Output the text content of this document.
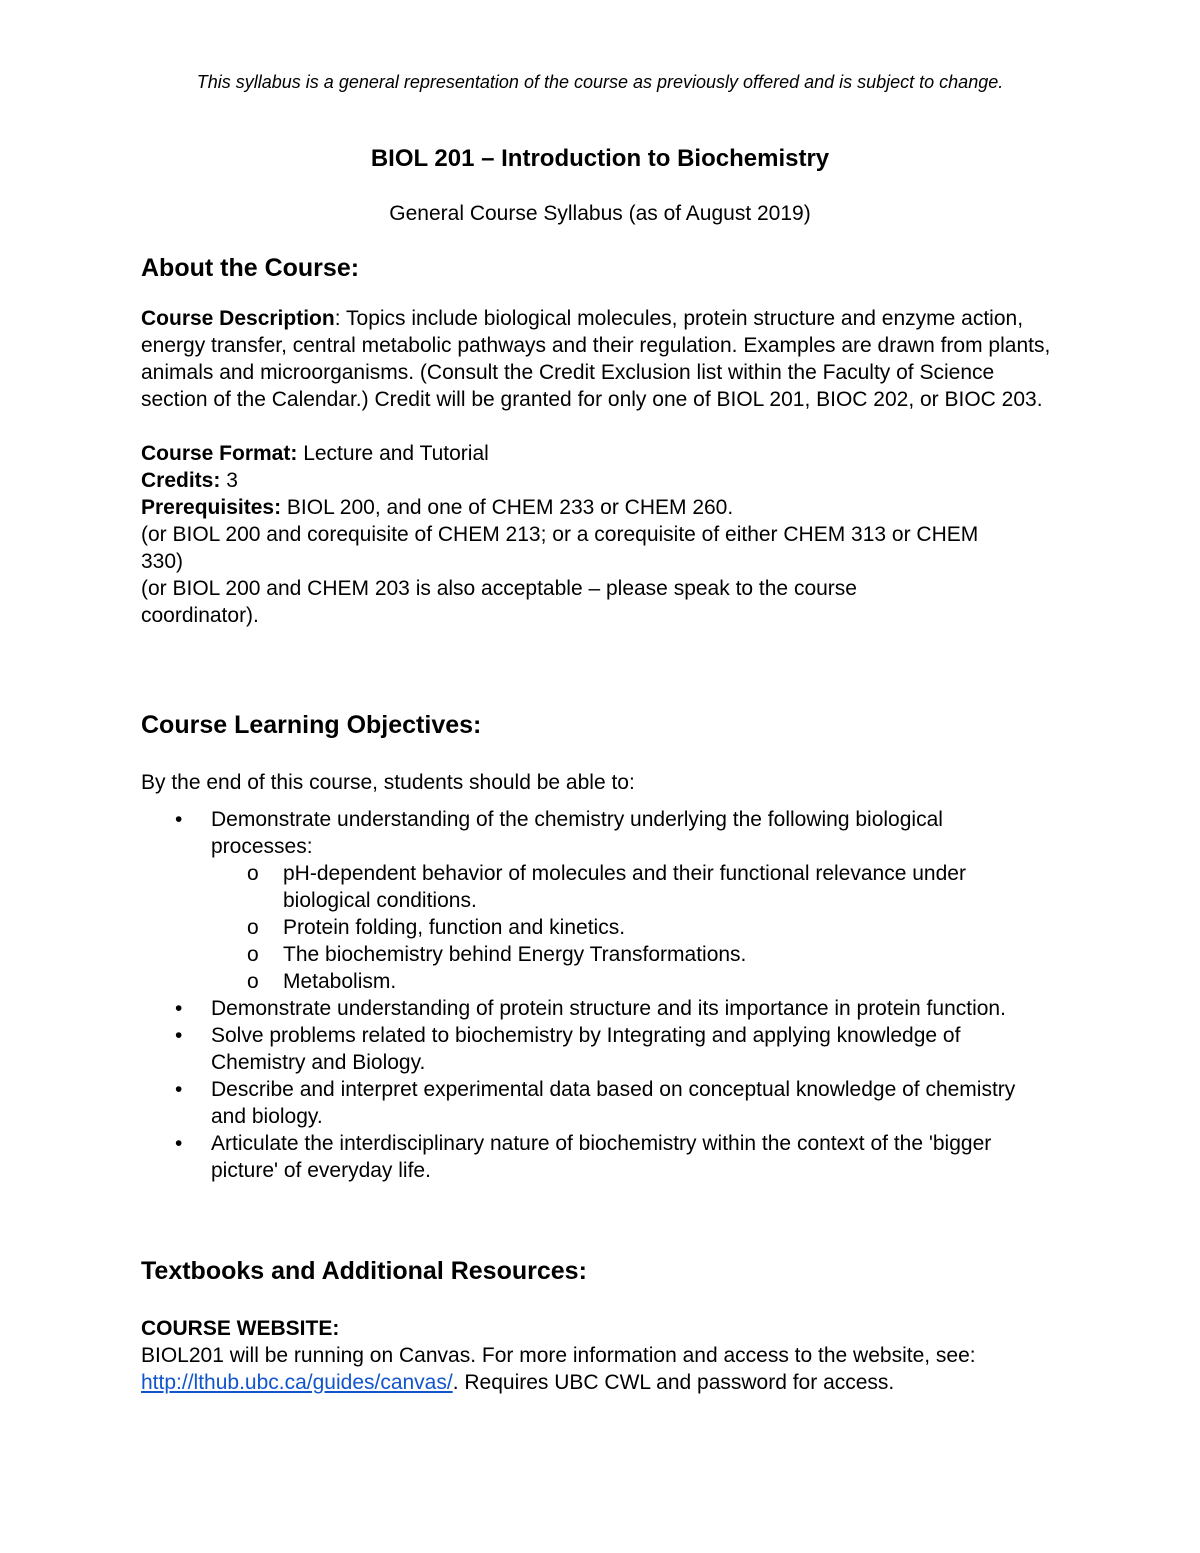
This syllabus is a general representation of the course as previously offered and is subject to change.
BIOL 201 – Introduction to Biochemistry
General Course Syllabus (as of August 2019)
About the Course:

Course Description: Topics include biological molecules, protein structure and enzyme action, energy transfer, central metabolic pathways and their regulation. Examples are drawn from plants, animals and microorganisms. (Consult the Credit Exclusion list within the Faculty of Science section of the Calendar.) Credit will be granted for only one of BIOL 201, BIOC 202, or BIOC 203.

Course Format: Lecture and Tutorial

Credits: 3

Prerequisites: BIOL 200, and one of CHEM 233 or CHEM 260.

(or BIOL 200 and corequisite of CHEM 213; or a corequisite of either CHEM 313 or CHEM 330)

(or BIOL 200 and CHEM 203 is also acceptable – please speak to the course coordinator).

Course Learning Objectives:

By the end of this course, students should be able to:

• Demonstrate understanding of the chemistry underlying the following biological processes:
o pH-dependent behavior of molecules and their functional relevance under biological conditions.
o Protein folding, function and kinetics.
o The biochemistry behind Energy Transformations.
o Metabolism.
• Demonstrate understanding of protein structure and its importance in protein function.
• Solve problems related to biochemistry by Integrating and applying knowledge of Chemistry and Biology.
• Describe and interpret experimental data based on conceptual knowledge of chemistry and biology.
• Articulate the interdisciplinary nature of biochemistry within the context of the 'bigger picture' of everyday life.
Textbooks and Additional Resources:

COURSE WEBSITE:

BIOL201 will be running on Canvas. For more information and access to the website, see: http://lthub.ubc.ca/guides/canvas/. Requires UBC CWL and password for access.
